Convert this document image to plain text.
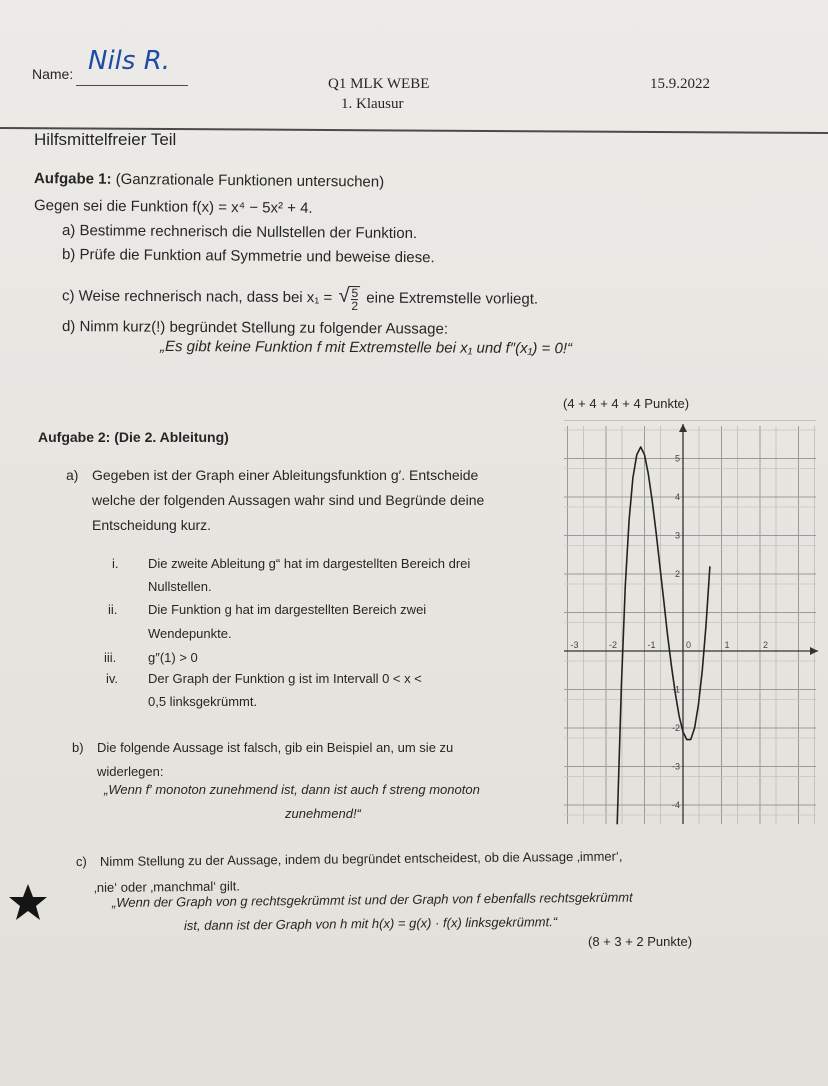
Name: Nils R.
Q1 MLK WEBE
1. Klausur
15.9.2022
Hilfsmittelfreier Teil
Aufgabe 1: (Ganzrationale Funktionen untersuchen)
Gegen sei die Funktion f(x) = x⁴ − 5x² + 4.
a) Bestimme rechnerisch die Nullstellen der Funktion.
b) Prüfe die Funktion auf Symmetrie und beweise diese.
c) Weise rechnerisch nach, dass bei x₁ = √ $\frac{5}{2}$ eine Extremstelle vorliegt.
d) Nimm kurz(!) begründet Stellung zu folgender Aussage:
„Es gibt keine Funktion f mit Extremstelle bei x₁ und f″(x₁) = 0!“
(4 + 4 + 4 + 4 Punkte)
Aufgabe 2: (Die 2. Ableitung)
a) Gegeben ist der Graph einer Ableitungsfunktion g′. Entscheide
welche der folgenden Aussagen wahr sind und Begründe deine
Entscheidung kurz.
i. Die zweite Ableitung g“ hat im dargestellten Bereich drei
Nullstellen.
ii. Die Funktion g hat im dargestellten Bereich zwei
Wendepunkte.
iii. g″(1) > 0
iv. Der Graph der Funktion g ist im Intervall 0 < x <
0,5 linksgekrümmt.
b) Die folgende Aussage ist falsch, gib ein Beispiel an, um sie zu
widerlegen:
„Wenn f′ monoton zunehmend ist, dann ist auch f streng monoton
zunehmend!“
c) Nimm Stellung zu der Aussage, indem du begründet entscheidest, ob die Aussage ‚immer‘,
‚nie‘ oder ‚manchmal‘ gilt.
„Wenn der Graph von g rechtsgekrümmt ist und der Graph von f ebenfalls rechtsgekrümmt
ist, dann ist der Graph von h mit h(x) = g(x) · f(x) linksgekrümmt.“
(8 + 3 + 2 Punkte)
-3	-2	-1	0	1	2
5
4
3
2
-1
-2
-3
-4
